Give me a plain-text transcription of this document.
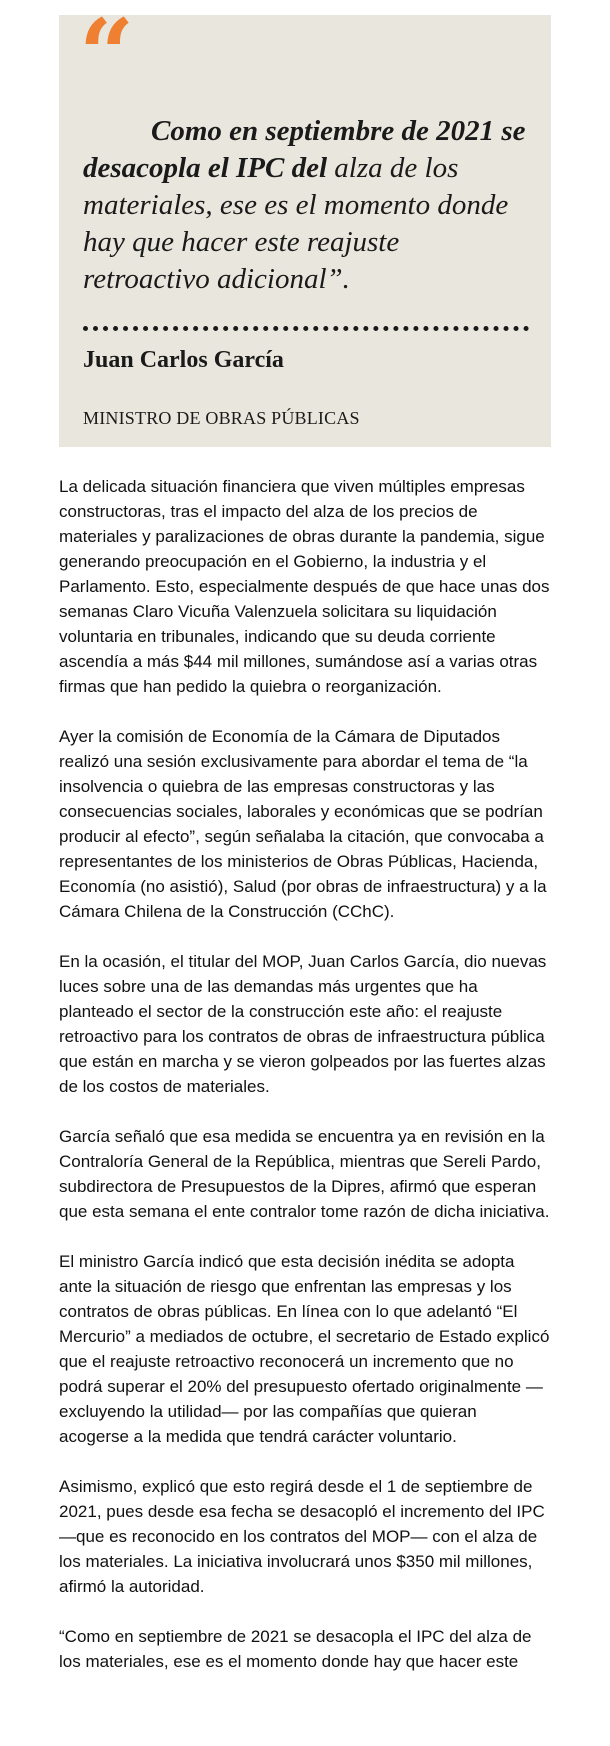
“

Como en septiembre de 2021 se desacopla el IPC del alza de los materiales, ese es el momento donde hay que hacer este reajuste retroactivo adicional”.

Juan Carlos García

MINISTRO DE OBRAS PÚBLICAS

La delicada situación financiera que viven múltiples empresas constructoras, tras el impacto del alza de los precios de materiales y paralizaciones de obras durante la pandemia, sigue generando preocupación en el Gobierno, la industria y el Parlamento. Esto, especialmente después de que hace unas dos semanas Claro Vicuña Valenzuela solicitara su liquidación voluntaria en tribunales, indicando que su deuda corriente ascendía a más $44 mil millones, sumándose así a varias otras firmas que han pedido la quiebra o reorganización.

Ayer la comisión de Economía de la Cámara de Diputados realizó una sesión exclusivamente para abordar el tema de “la insolvencia o quiebra de las empresas constructoras y las consecuencias sociales, laborales y económicas que se podrían producir al efecto”, según señalaba la citación, que convocaba a representantes de los ministerios de Obras Públicas, Hacienda, Economía (no asistió), Salud (por obras de infraestructura) y a la Cámara Chilena de la Construcción (CChC).

En la ocasión, el titular del MOP, Juan Carlos García, dio nuevas luces sobre una de las demandas más urgentes que ha planteado el sector de la construcción este año: el reajuste retroactivo para los contratos de obras de infraestructura pública que están en marcha y se vieron golpeados por las fuertes alzas de los costos de materiales.

García señaló que esa medida se encuentra ya en revisión en la Contraloría General de la República, mientras que Sereli Pardo, subdirectora de Presupuestos de la Dipres, afirmó que esperan que esta semana el ente contralor tome razón de dicha iniciativa.

El ministro García indicó que esta decisión inédita se adopta ante la situación de riesgo que enfrentan las empresas y los contratos de obras públicas. En línea con lo que adelantó “El Mercurio” a mediados de octubre, el secretario de Estado explicó que el reajuste retroactivo reconocerá un incremento que no podrá superar el 20% del presupuesto ofertado originalmente —excluyendo la utilidad— por las compañías que quieran acogerse a la medida que tendrá carácter voluntario.

Asimismo, explicó que esto regirá desde el 1 de septiembre de 2021, pues desde esa fecha se desacopló el incremento del IPC —que es reconocido en los contratos del MOP— con el alza de los materiales. La iniciativa involucrará unos $350 mil millones, afirmó la autoridad.

“Como en septiembre de 2021 se desacopla el IPC del alza de los materiales, ese es el momento donde hay que hacer este
